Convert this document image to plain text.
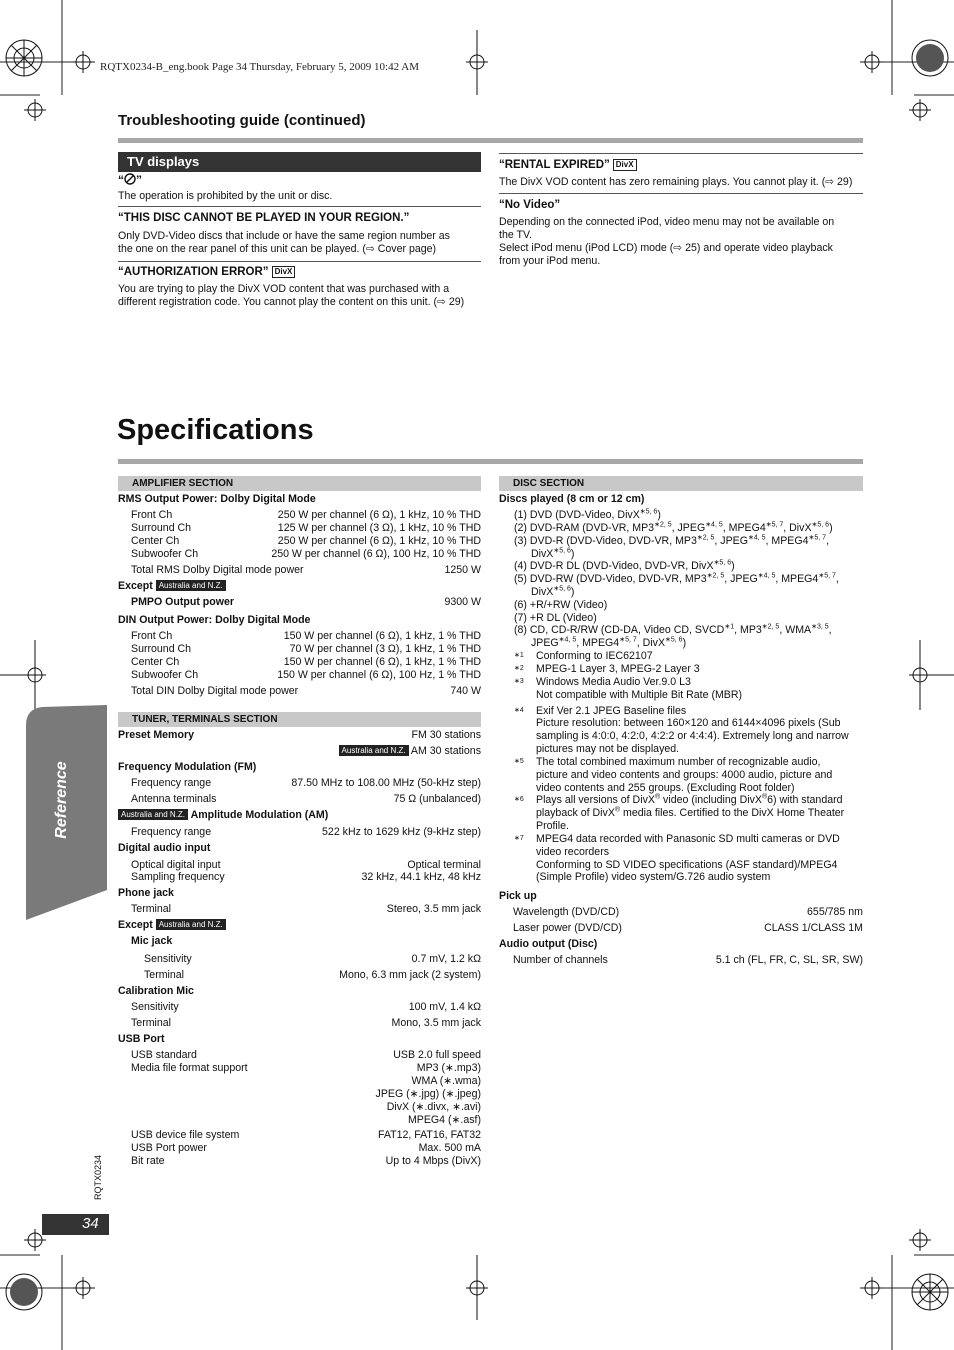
RQTX0234-B_eng.book Page 34 Thursday, February 5, 2009 10:42 AM
Troubleshooting guide (continued)
TV displays
“ ”
The operation is prohibited by the unit or disc.
“THIS DISC CANNOT BE PLAYED IN YOUR REGION.”
Only DVD-Video discs that include or have the same region number as
the one on the rear panel of this unit can be played. (⇨ Cover page)
“AUTHORIZATION ERROR” DivX
You are trying to play the DivX VOD content that was purchased with a
different registration code. You cannot play the content on this unit. (⇨ 29)
“RENTAL EXPIRED” DivX
The DivX VOD content has zero remaining plays. You cannot play it. (⇨ 29)
“No Video”
Depending on the connected iPod, video menu may not be available on
the TV.
Select iPod menu (iPod LCD) mode (⇨ 25) and operate video playback
from your iPod menu.
Specifications
AMPLIFIER SECTION
RMS Output Power: Dolby Digital Mode
Front Ch	250 W per channel (6 Ω), 1 kHz, 10 % THD
Surround Ch	125 W per channel (3 Ω), 1 kHz, 10 % THD
Center Ch	250 W per channel (6 Ω), 1 kHz, 10 % THD
Subwoofer Ch	250 W per channel (6 Ω), 100 Hz, 10 % THD
Total RMS Dolby Digital mode power	1250 W
Except Australia and N.Z.
PMPO Output power	9300 W
DIN Output Power: Dolby Digital Mode
Front Ch	150 W per channel (6 Ω), 1 kHz, 1 % THD
Surround Ch	70 W per channel (3 Ω), 1 kHz, 1 % THD
Center Ch	150 W per channel (6 Ω), 1 kHz, 1 % THD
Subwoofer Ch	150 W per channel (6 Ω), 100 Hz, 1 % THD
Total DIN Dolby Digital mode power	740 W
TUNER, TERMINALS SECTION
Preset Memory	FM 30 stations
Australia and N.Z. AM 30 stations
Frequency Modulation (FM)
Frequency range	87.50 MHz to 108.00 MHz (50-kHz step)
Antenna terminals	75 Ω (unbalanced)
Australia and N.Z. Amplitude Modulation (AM)
Frequency range	522 kHz to 1629 kHz (9-kHz step)
Digital audio input
Optical digital input	Optical terminal
Sampling frequency	32 kHz, 44.1 kHz, 48 kHz
Phone jack
Terminal	Stereo, 3.5 mm jack
Except Australia and N.Z.
Mic jack
Sensitivity	0.7 mV, 1.2 kΩ
Terminal	Mono, 6.3 mm jack (2 system)
Calibration Mic
Sensitivity	100 mV, 1.4 kΩ
Terminal	Mono, 3.5 mm jack
USB Port
USB standard	USB 2.0 full speed
Media file format support	MP3 (∗.mp3)
WMA (∗.wma)
JPEG (∗.jpg) (∗.jpeg)
DivX (∗.divx, ∗.avi)
MPEG4 (∗.asf)
USB device file system	FAT12, FAT16, FAT32
USB Port power	Max. 500 mA
Bit rate	Up to 4 Mbps (DivX)
DISC SECTION
Discs played (8 cm or 12 cm)
(1) DVD (DVD-Video, DivX$^{∗5, 6}$)
(2) DVD-RAM (DVD-VR, $MP3^{∗2, 5}$, $JPEG^{∗4, 5}$, $MPEG4^{∗5, 7}$, DivX$^{∗5, 6}$)
(3) DVD-R (DVD-Video, DVD-VR, $MP3^{∗2, 5}$, $JPEG^{∗4, 5}$, $MPEG4^{∗5, 7}$,
DivX$^{∗5, 6}$)
(4) DVD-R DL (DVD-Video, DVD-VR, DivX$^{∗5, 6}$)
(5) DVD-RW (DVD-Video, DVD-VR, $MP3^{∗2, 5}$, $JPEG^{∗4, 5}$, $MPEG4^{∗5, 7}$,
DivX$^{∗5, 6}$)
(6) +R/+RW (Video)
(7) +R DL (Video)
(8) CD, CD-R/RW (CD-DA, Video CD, $SVCD^{∗1}$, $MP3^{∗2, 5}$, $WMA^{∗3, 5}$,
$JPEG^{∗4, 5}$, $MPEG4^{∗5, 7}$, DivX$^{∗5, 6}$)
∗1 Conforming to IEC62107
∗2 MPEG-1 Layer 3, MPEG-2 Layer 3
∗3 Windows Media Audio Ver.9.0 L3
Not compatible with Multiple Bit Rate (MBR)
∗4 Exif Ver 2.1 JPEG Baseline files
Picture resolution: between 160×120 and 6144×4096 pixels (Sub
sampling is 4:0:0, 4:2:0, 4:2:2 or 4:4:4). Extremely long and narrow
pictures may not be displayed.
∗5 The total combined maximum number of recognizable audio,
picture and video contents and groups: 4000 audio, picture and
video contents and 255 groups. (Excluding Root folder)
∗6 Plays all versions of DivX® video (including DivX®6) with standard
playback of DivX® media files. Certified to the DivX Home Theater
Profile.
∗7 MPEG4 data recorded with Panasonic SD multi cameras or DVD
video recorders
Conforming to SD VIDEO specifications (ASF standard)/MPEG4
(Simple Profile) video system/G.726 audio system
Pick up
Wavelength (DVD/CD)	655/785 nm
Laser power (DVD/CD)	CLASS 1/CLASS 1M
Audio output (Disc)
Number of channels	5.1 ch (FL, FR, C, SL, SR, SW)
Reference
RQTX0234
34
